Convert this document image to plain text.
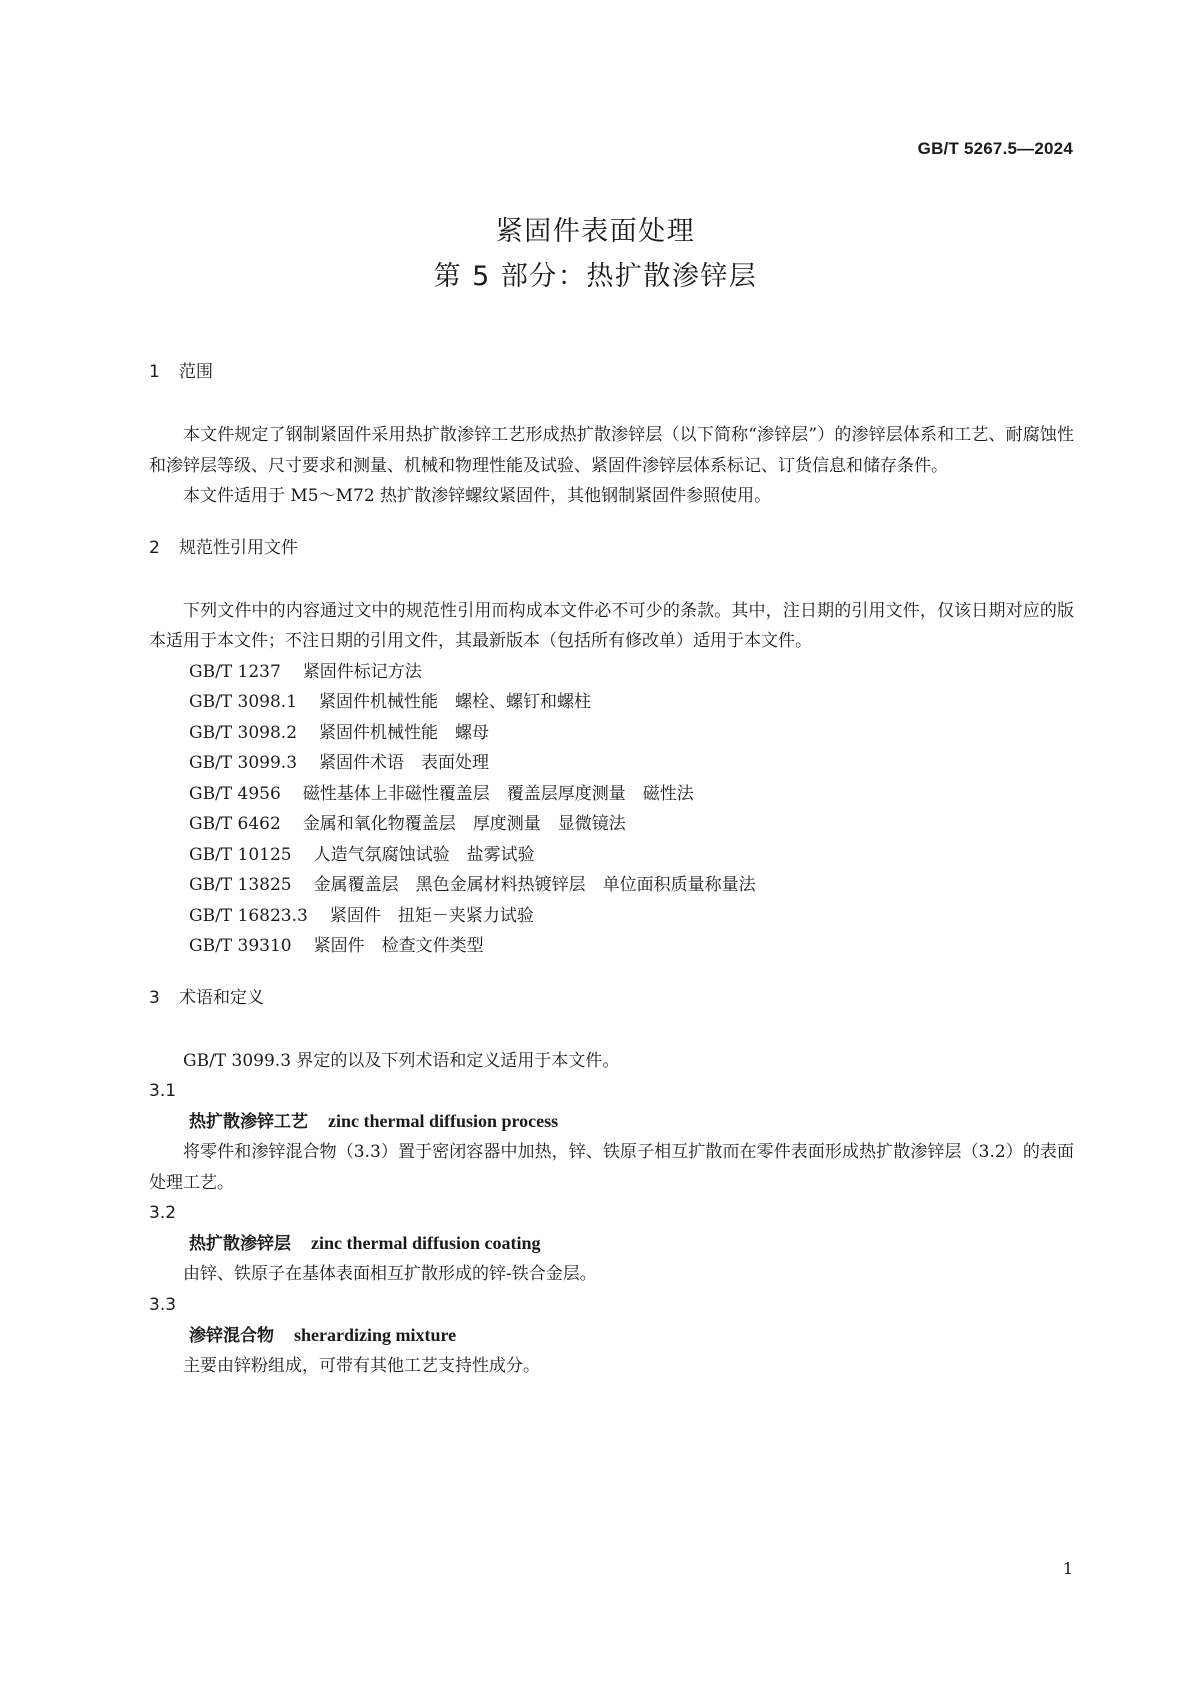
GB/T 5267.5—2024
紧固件表面处理
第 5 部分：热扩散渗锌层
1 范围

本文件规定了钢制紧固件采用热扩散渗锌工艺形成热扩散渗锌层（以下简称“渗锌层”）的渗锌层体系和工艺、耐腐蚀性和渗锌层等级、尺寸要求和测量、机械和物理性能及试验、紧固件渗锌层体系标记、订货信息和储存条件。

本文件适用于 M5～M72 热扩散渗锌螺纹紧固件，其他钢制紧固件参照使用。

2 规范性引用文件

下列文件中的内容通过文中的规范性引用而构成本文件必不可少的条款。其中，注日期的引用文件，仅该日期对应的版本适用于本文件；不注日期的引用文件，其最新版本（包括所有修改单）适用于本文件。

GB/T 1237 紧固件标记方法
GB/T 3098.1 紧固件机械性能　螺栓、螺钉和螺柱
GB/T 3098.2 紧固件机械性能　螺母
GB/T 3099.3 紧固件术语　表面处理
GB/T 4956 磁性基体上非磁性覆盖层　覆盖层厚度测量　磁性法
GB/T 6462 金属和氧化物覆盖层　厚度测量　显微镜法
GB/T 10125 人造气氛腐蚀试验　盐雾试验
GB/T 13825 金属覆盖层　黑色金属材料热镀锌层　单位面积质量称量法
GB/T 16823.3 紧固件　扭矩－夹紧力试验
GB/T 39310 紧固件　检查文件类型
3 术语和定义

GB/T 3099.3 界定的以及下列术语和定义适用于本文件。

3.1
热扩散渗锌工艺 zinc thermal diffusion process

将零件和渗锌混合物（3.3）置于密闭容器中加热，锌、铁原子相互扩散而在零件表面形成热扩散渗锌层（3.2）的表面处理工艺。

3.2
热扩散渗锌层 zinc thermal diffusion coating

由锌、铁原子在基体表面相互扩散形成的锌-铁合金层。

3.3
渗锌混合物 sherardizing mixture

主要由锌粉组成，可带有其他工艺支持性成分。

1
